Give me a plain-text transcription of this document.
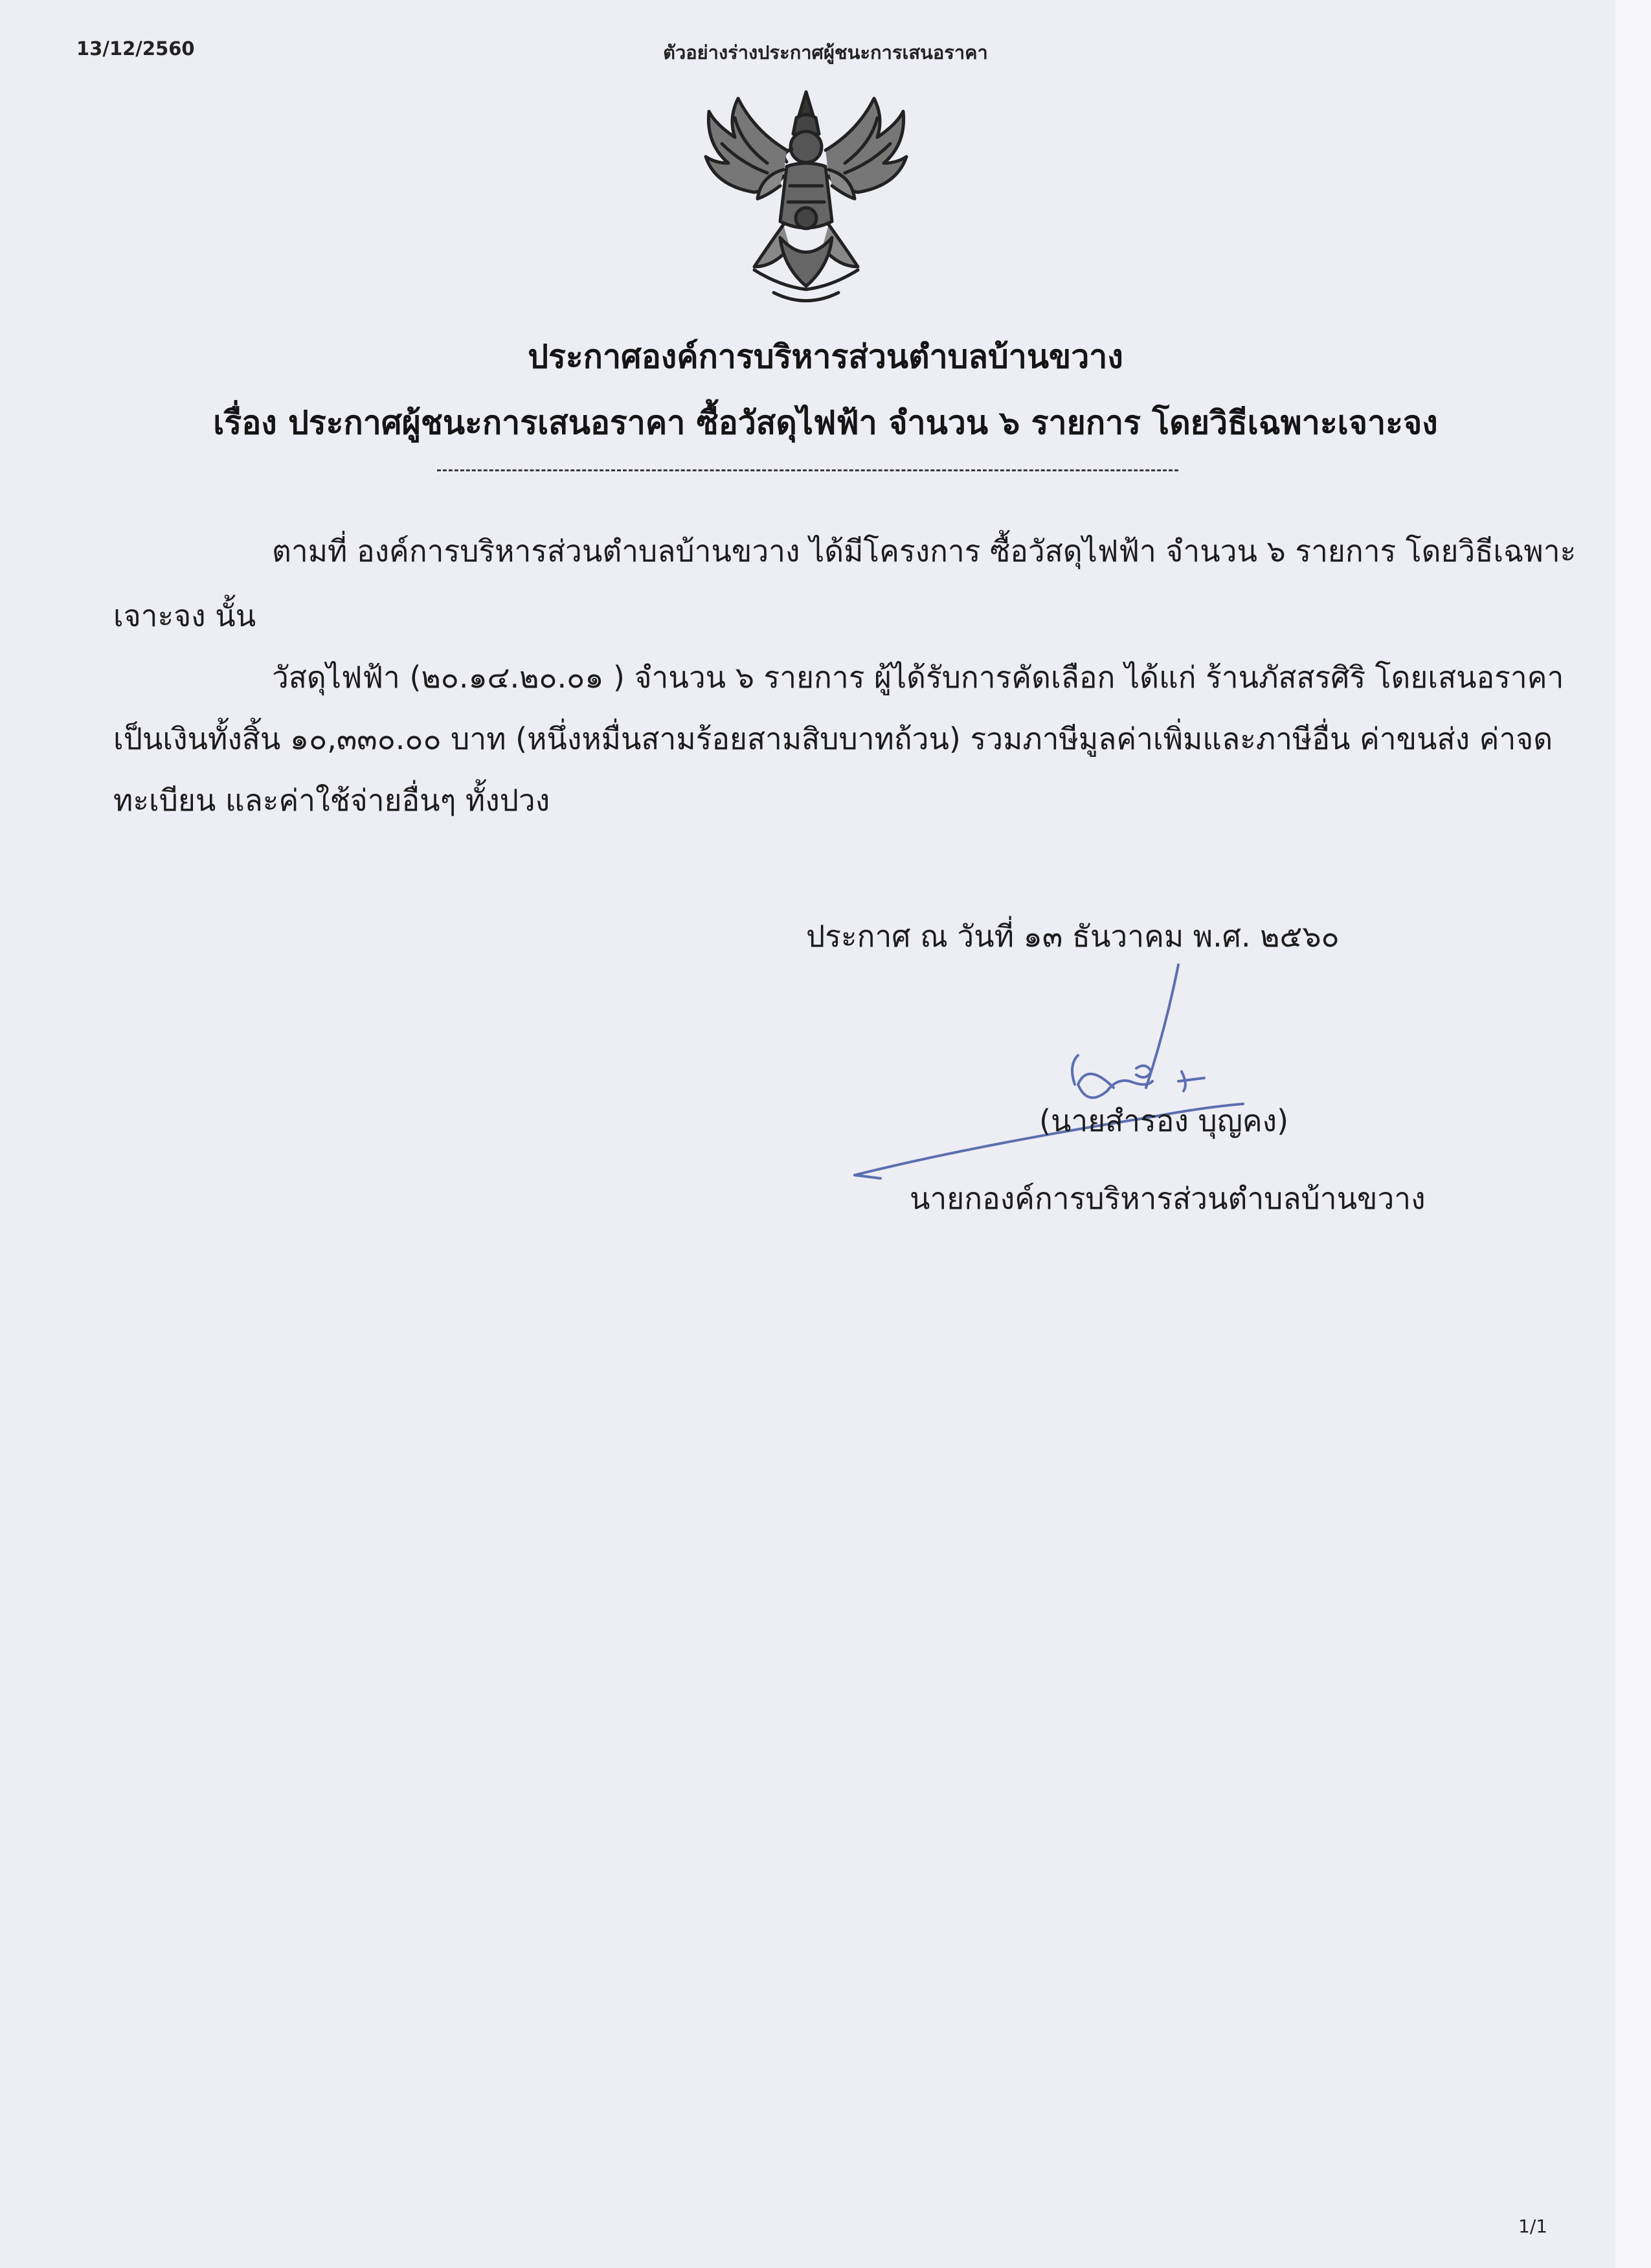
13/12/2560	ตัวอย่างร่างประกาศผู้ชนะการเสนอราคา
ประกาศองค์การบริหารส่วนตำบลบ้านขวาง
เรื่อง ประกาศผู้ชนะการเสนอราคา ซื้อวัสดุไฟฟ้า จำนวน ๖ รายการ โดยวิธีเฉพาะเจาะจง
ตามที่ องค์การบริหารส่วนตำบลบ้านขวาง ได้มีโครงการ ซื้อวัสดุไฟฟ้า จำนวน ๖ รายการ โดยวิธีเฉพาะ
เจาะจง นั้น
วัสดุไฟฟ้า (๒๐.๑๔.๒๐.๐๑ ) จำนวน ๖ รายการ ผู้ได้รับการคัดเลือก ได้แก่ ร้านภัสสรศิริ โดยเสนอราคา
เป็นเงินทั้งสิ้น ๑๐,๓๓๐.๐๐ บาท (หนึ่งหมื่นสามร้อยสามสิบบาทถ้วน) รวมภาษีมูลค่าเพิ่มและภาษีอื่น ค่าขนส่ง ค่าจด
ทะเบียน และค่าใช้จ่ายอื่นๆ ทั้งปวง
ประกาศ ณ วันที่ ๑๓ ธันวาคม พ.ศ. ๒๕๖๐
(นายสำรอง บุญคง)
นายกองค์การบริหารส่วนตำบลบ้านขวาง
1/1
